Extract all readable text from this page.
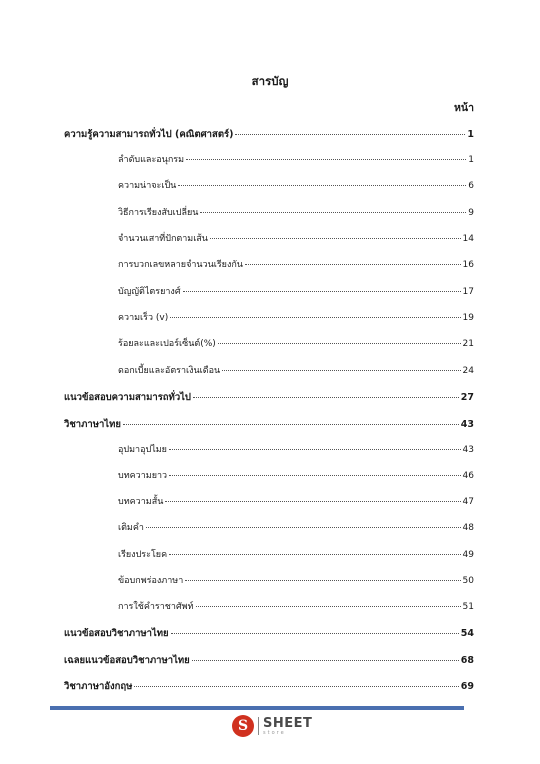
สารบัญ
หน้า
ความรู้ความสามารถทั่วไป (คณิตศาสตร์)	1
ลำดับและอนุกรม	1
ความน่าจะเป็น	6
วิธีการเรียงสับเปลี่ยน	9
จำนวนเสาที่ปักตามเส้น	14
การบวกเลขหลายจำนวนเรียงกัน	16
บัญญัติไตรยางศ์	17
ความเร็ว (v)	19
ร้อยละและเปอร์เซ็นต์(%)	21
ดอกเบี้ยและอัตราเงินเดือน	24
แนวข้อสอบความสามารถทั่วไป	27
วิชาภาษาไทย	43
อุปมาอุปไมย	43
บทความยาว	46
บทความสั้น	47
เติมคำ	48
เรียงประโยค	49
ข้อบกพร่องภาษา	50
การใช้คำราชาศัพท์	51
แนวข้อสอบวิชาภาษาไทย	54
เฉลยแนวข้อสอบวิชาภาษาไทย	68
วิชาภาษาอังกฤษ	69
S	SHEET
store
